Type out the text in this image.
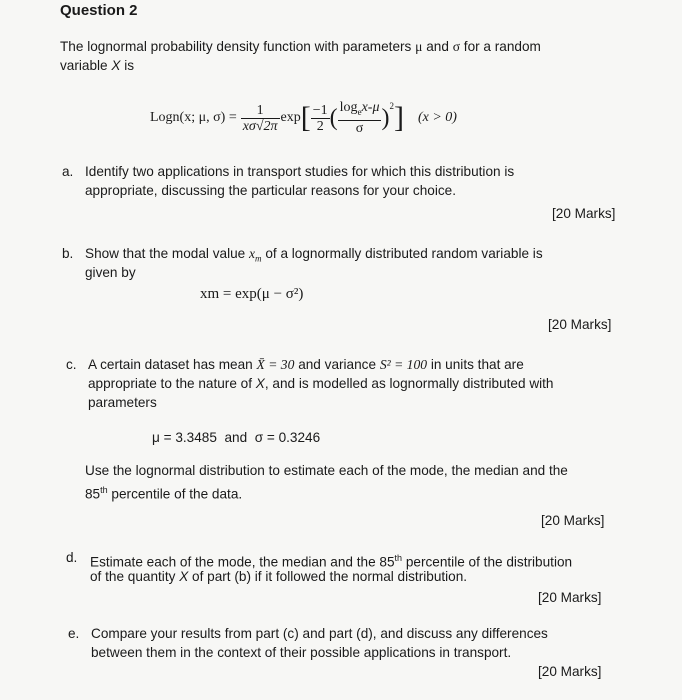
Question 2
The lognormal probability density function with parameters μ and σ for a random
variable X is
Logn(x; μ, $\sigma) = \frac{1}{x\sigma√2\pi}$ exp [ $\frac{-1}{2}$ ( $\frac{\log_ex-\mu}{\sigma} )^2$ ] (x > 0)
a. Identify two applications in transport studies for which this distribution is
appropriate, discussing the particular reasons for your choice.
[20 Marks]
b. Show that the modal value $x_m$ of a lognormally distributed random variable is
given by
xm = exp(μ − σ²)
[20 Marks]
c. A certain dataset has mean X̄ = 30 and variance S² = 100 in units that are
appropriate to the nature of X, and is modelled as lognormally distributed with
parameters
μ = 3.3485  and  σ = 0.3246
Use the lognormal distribution to estimate each of the mode, the median and the
85th percentile of the data.
[20 Marks]
d. Estimate each of the mode, the median and the 85th percentile of the distribution
of the quantity X of part (b) if it followed the normal distribution.
[20 Marks]
e. Compare your results from part (c) and part (d), and discuss any differences
between them in the context of their possible applications in transport.
[20 Marks]
